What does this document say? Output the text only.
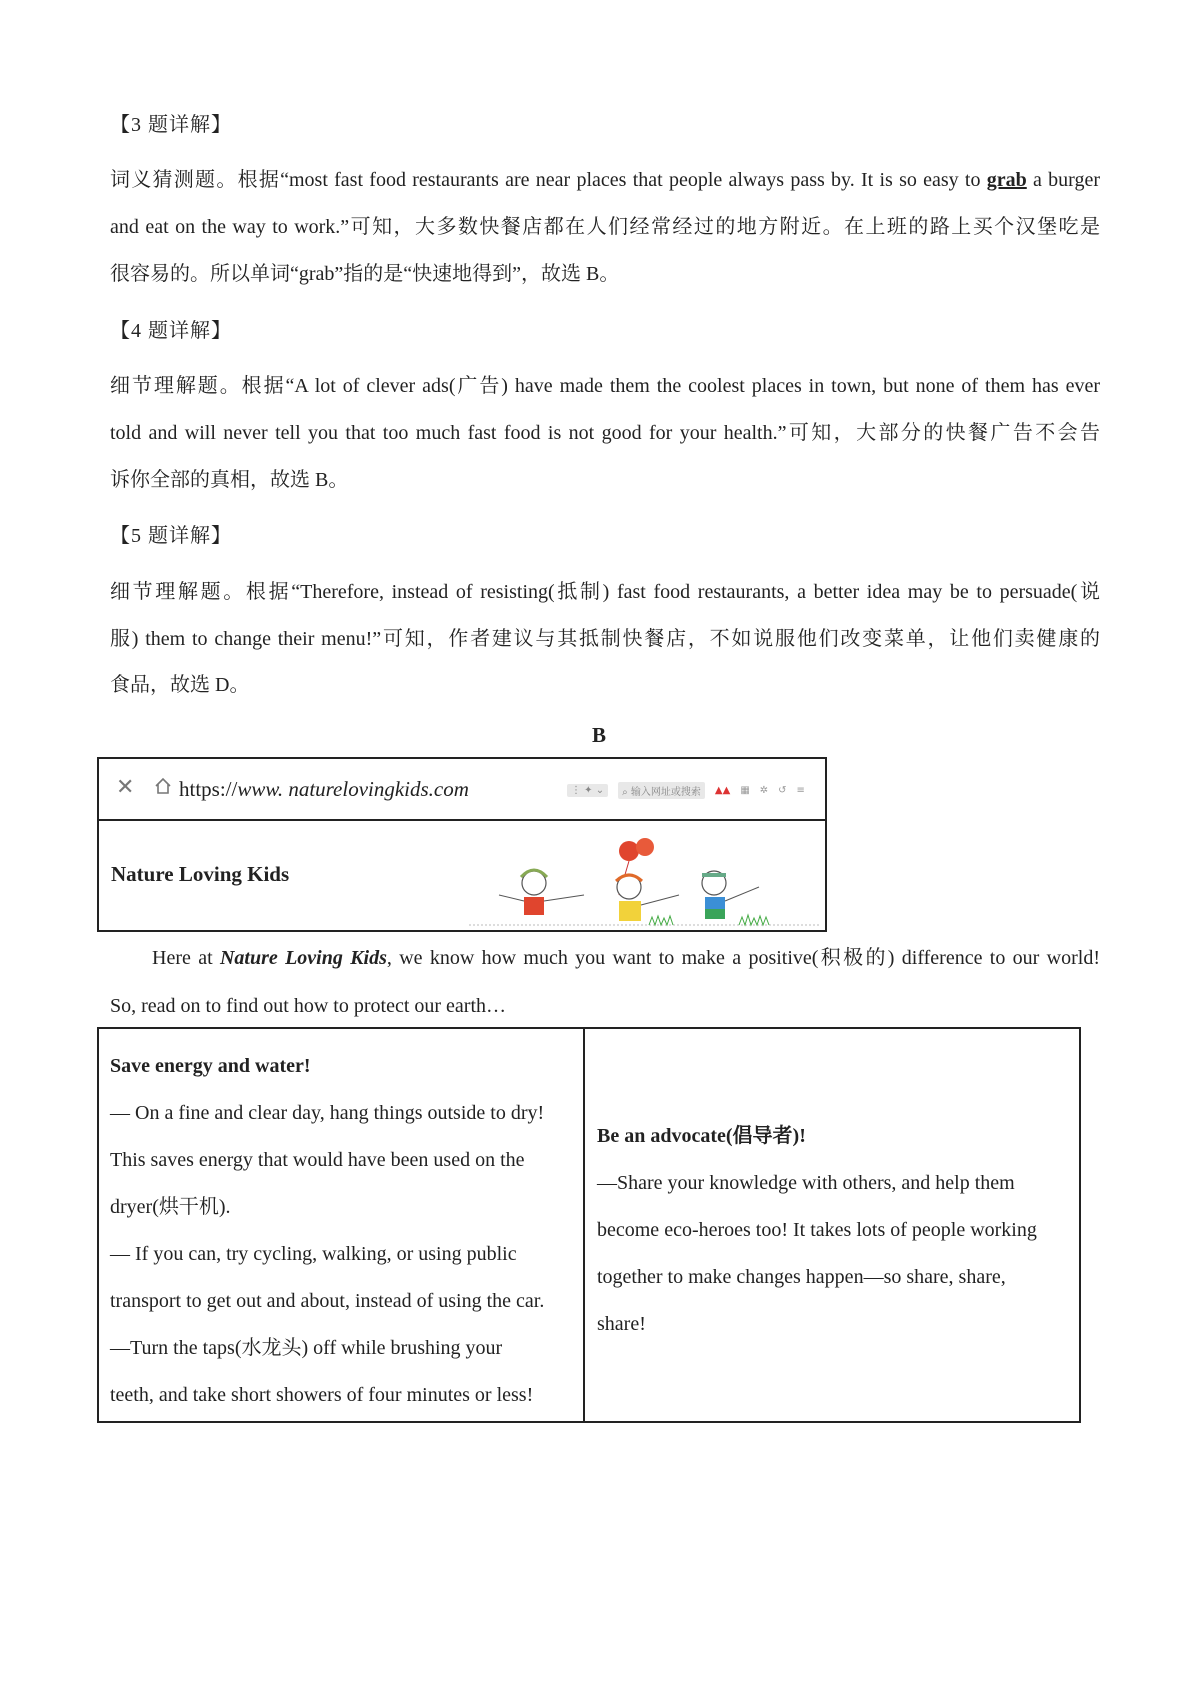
【3 题详解】
词义猜测题。根据“most fast food restaurants are near places that people always pass by. It is so easy to grab a burger
and eat on the way to work.”可知，大多数快餐店都在人们经常经过的地方附近。在上班的路上买个汉堡吃是
很容易的。所以单词“grab”指的是“快速地得到”，故选 B。
【4 题详解】
细节理解题。根据“A lot of clever ads(广告) have made them the coolest places in town, but none of them has ever
told and will never tell you that too much fast food is not good for your health.”可知，大部分的快餐广告不会告
诉你全部的真相，故选 B。
【5 题详解】
细节理解题。根据“Therefore, instead of resisting(抵制) fast food restaurants, a better idea may be to persuade(说
服) them to change their menu!”可知，作者建议与其抵制快餐店，不如说服他们改变菜单，让他们卖健康的
食品，故选 D。
B
✕ https://www. naturelovingkids.com	⋮ ✦ ⌄	⌕ 输入网址或搜索	▲▲ ▦ ✲ ↺ ≡
Nature Loving Kids
Here at Nature Loving Kids, we know how much you want to make a positive(积极的) difference to our world!
So, read on to find out how to protect our earth…
Save energy and water!
— On a fine and clear day, hang things outside to dry!
This saves energy that would have been used on the
dryer(烘干机).
— If you can, try cycling, walking, or using public
transport to get out and about, instead of using the car.
—Turn the taps(水龙头) off while brushing your
teeth, and take short showers of four minutes or less!
Be an advocate(倡导者)!
—Share your knowledge with others, and help them
become eco-heroes too! It takes lots of people working
together to make changes happen—so share, share,
share!
